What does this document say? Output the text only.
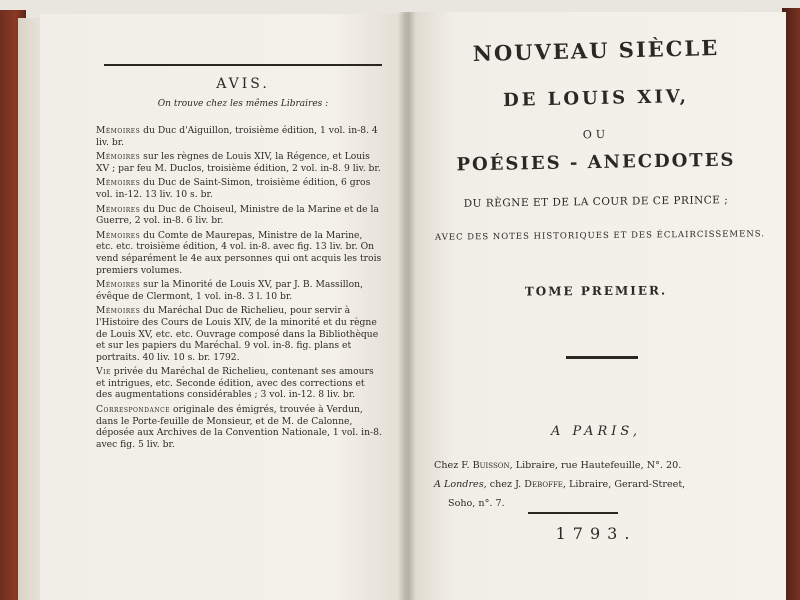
AVIS.
On trouve chez les mêmes Libraires :
Mémoires du Duc d'Aiguillon, troisième édition, 1 vol. in-8. 4 liv. br.
Mémoires sur les règnes de Louis XIV, la Régence, et Louis XV ; par feu M. Duclos, troisième édition, 2 vol. in-8. 9 liv. br.
Mémoires du Duc de Saint-Simon, troisième édition, 6 gros vol. in-12. 13 liv. 10 s. br.
Mémoires du Duc de Choiseul, Ministre de la Marine et de la Guerre, 2 vol. in-8. 6 liv. br.
Mémoires du Comte de Maurepas, Ministre de la Marine, etc. etc. troisième édition, 4 vol. in-8. avec fig. 13 liv. br. On vend séparément le 4e aux personnes qui ont acquis les trois premiers volumes.
Mémoires sur la Minorité de Louis XV, par J. B. Massillon, évêque de Clermont, 1 vol. in-8. 3 l. 10 br.
Mémoires du Maréchal Duc de Richelieu, pour servir à l'Histoire des Cours de Louis XIV, de la minorité et du règne de Louis XV, etc. etc. Ouvrage composé dans la Bibliothèque et sur les papiers du Maréchal. 9 vol. in-8. fig. plans et portraits. 40 liv. 10 s. br. 1792.
Vie privée du Maréchal de Richelieu, contenant ses amours et intrigues, etc. Seconde édition, avec des corrections et des augmentations considérables ; 3 vol. in-12. 8 liv. br.
Correspondance originale des émigrés, trouvée à Verdun, dans le Porte-feuille de Monsieur, et de M. de Calonne, déposée aux Archives de la Convention Nationale, 1 vol. in-8. avec fig. 5 liv. br.
NOUVEAU SIÈCLE
DE LOUIS XIV,
OU
POÉSIES - ANECDOTES
DU RÈGNE ET DE LA COUR DE CE PRINCE ;
AVEC DES NOTES HISTORIQUES ET DES ÉCLAIRCISSEMENS.
TOME PREMIER.
A PARIS,
Chez F. Buisson, Libraire, rue Hautefeuille, N°. 20.
A Londres, chez J. Deboffe, Libraire, Gerard-Street,
Soho, n°. 7.
1793.
